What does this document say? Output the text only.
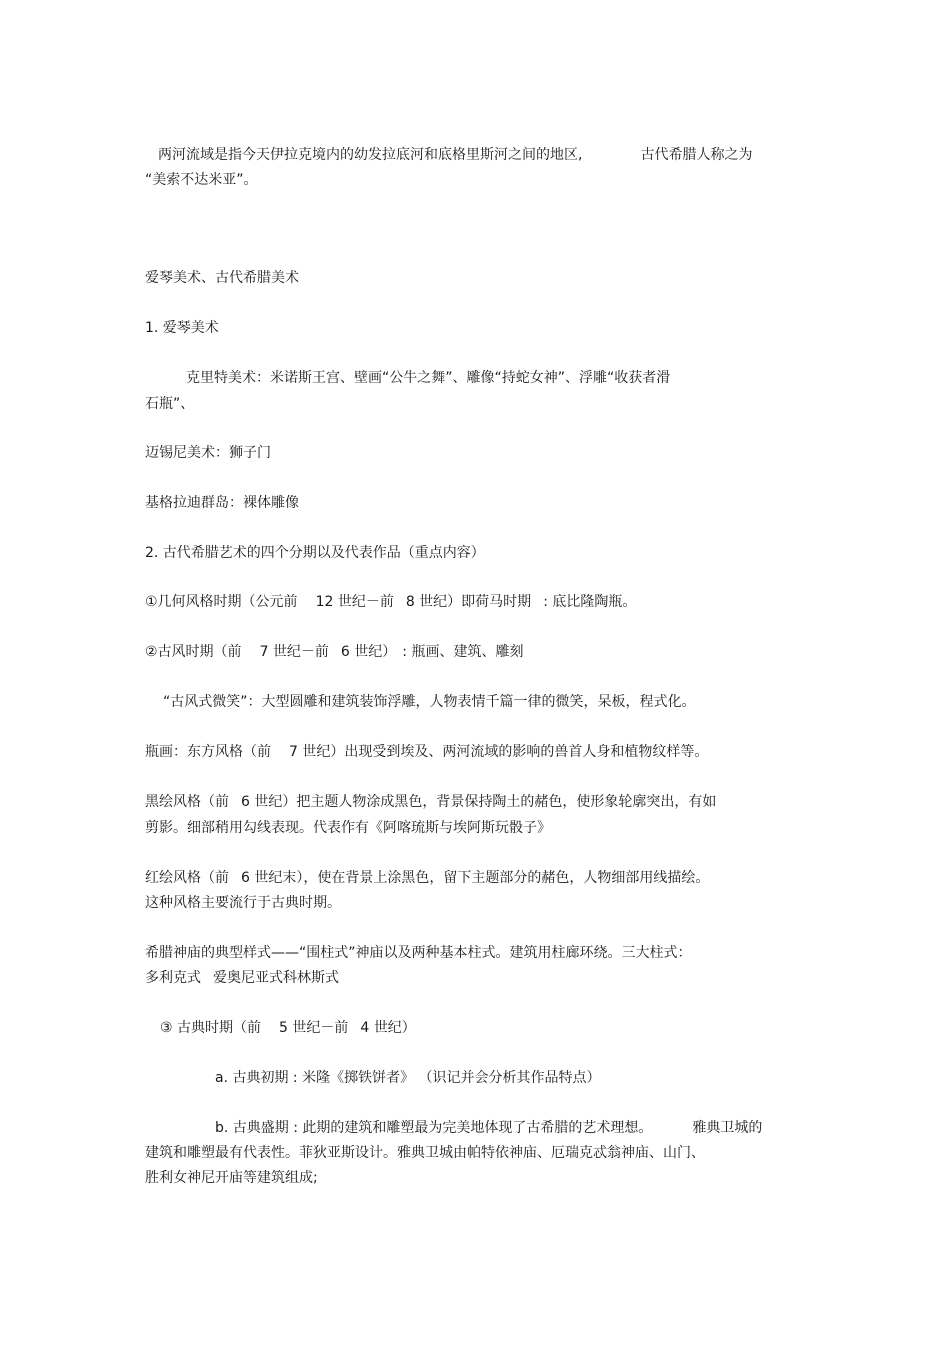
两河流域是指今天伊拉克境内的幼发拉底河和底格里斯河之间的地区,	古代希腊人称之为
“美索不达米亚”。
爱琴美术、古代希腊美术
1. 爱琴美术
克里特美术：米诺斯王宫、壁画“公牛之舞”、雕像“持蛇女神”、浮雕“收获者滑
石瓶”、
迈锡尼美术：狮子门
基格拉迪群岛：裸体雕像
2. 古代希腊艺术的四个分期以及代表作品（重点内容）
①几何风格时期（公元前 12 世纪－前 8 世纪）即荷马时期 : 底比隆陶瓶。
②古风时期（前 7 世纪－前 6 世纪） : 瓶画、建筑、雕刻
“古风式微笑”：大型圆雕和建筑装饰浮雕，人物表情千篇一律的微笑，呆板，程式化。
瓶画：东方风格（前 7 世纪）出现受到埃及、两河流域的影响的兽首人身和植物纹样等。
黑绘风格（前 6 世纪）把主题人物涂成黑色，背景保持陶土的赭色，使形象轮廓突出，有如
剪影。细部稍用勾线表现。代表作有《阿喀琉斯与埃阿斯玩骰子》
红绘风格（前 6 世纪末），使在背景上涂黑色，留下主题部分的赭色，人物细部用线描绘。
这种风格主要流行于古典时期。
希腊神庙的典型样式——“围柱式”神庙以及两种基本柱式。建筑用柱廊环绕。三大柱式：
多利克式 爱奥尼亚式科林斯式
③ 古典时期（前 5 世纪－前 4 世纪）
a. 古典初期 : 米隆《掷铁饼者》 （识记并会分析其作品特点）
b. 古典盛期 : 此期的建筑和雕塑最为完美地体现了古希腊的艺术理想。	雅典卫城的
建筑和雕塑最有代表性。菲狄亚斯设计。雅典卫城由帕特依神庙、厄瑞克忒翁神庙、山门、
胜利女神尼开庙等建筑组成;
